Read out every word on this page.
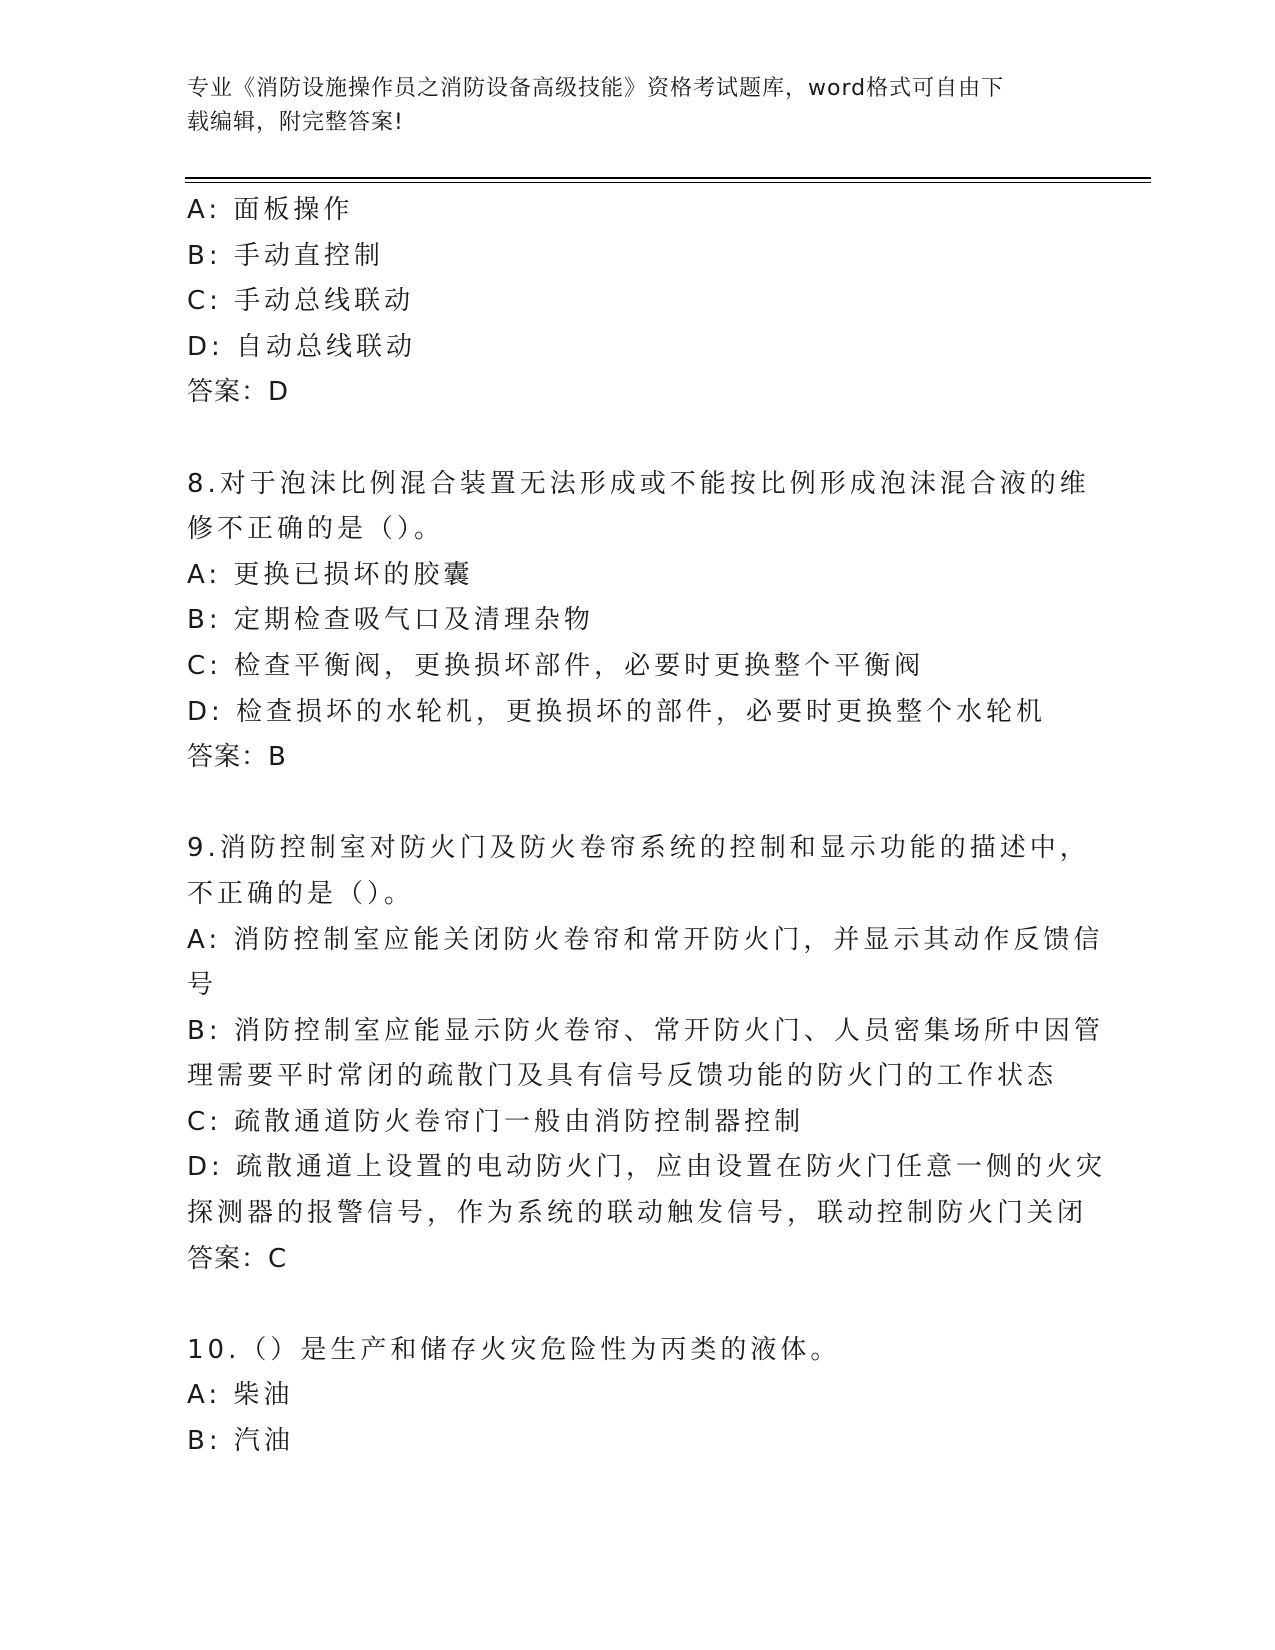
专业《消防设施操作员之消防设备高级技能》资格考试题库，word格式可自由下
载编辑，附完整答案!
A: 面板操作
B: 手动直控制
C: 手动总线联动
D: 自动总线联动
答案：D
8.对于泡沫比例混合装置无法形成或不能按比例形成泡沫混合液的维
修不正确的是（）。
A: 更换已损坏的胶囊
B: 定期检查吸气口及清理杂物
C: 检查平衡阀，更换损坏部件，必要时更换整个平衡阀
D: 检查损坏的水轮机，更换损坏的部件，必要时更换整个水轮机
答案：B
9.消防控制室对防火门及防火卷帘系统的控制和显示功能的描述中，
不正确的是（）。
A: 消防控制室应能关闭防火卷帘和常开防火门，并显示其动作反馈信
号
B: 消防控制室应能显示防火卷帘、常开防火门、人员密集场所中因管
理需要平时常闭的疏散门及具有信号反馈功能的防火门的工作状态
C: 疏散通道防火卷帘门一般由消防控制器控制
D: 疏散通道上设置的电动防火门，应由设置在防火门任意一侧的火灾
探测器的报警信号，作为系统的联动触发信号，联动控制防火门关闭
答案：C
10.（）是生产和储存火灾危险性为丙类的液体。
A: 柴油
B: 汽油
